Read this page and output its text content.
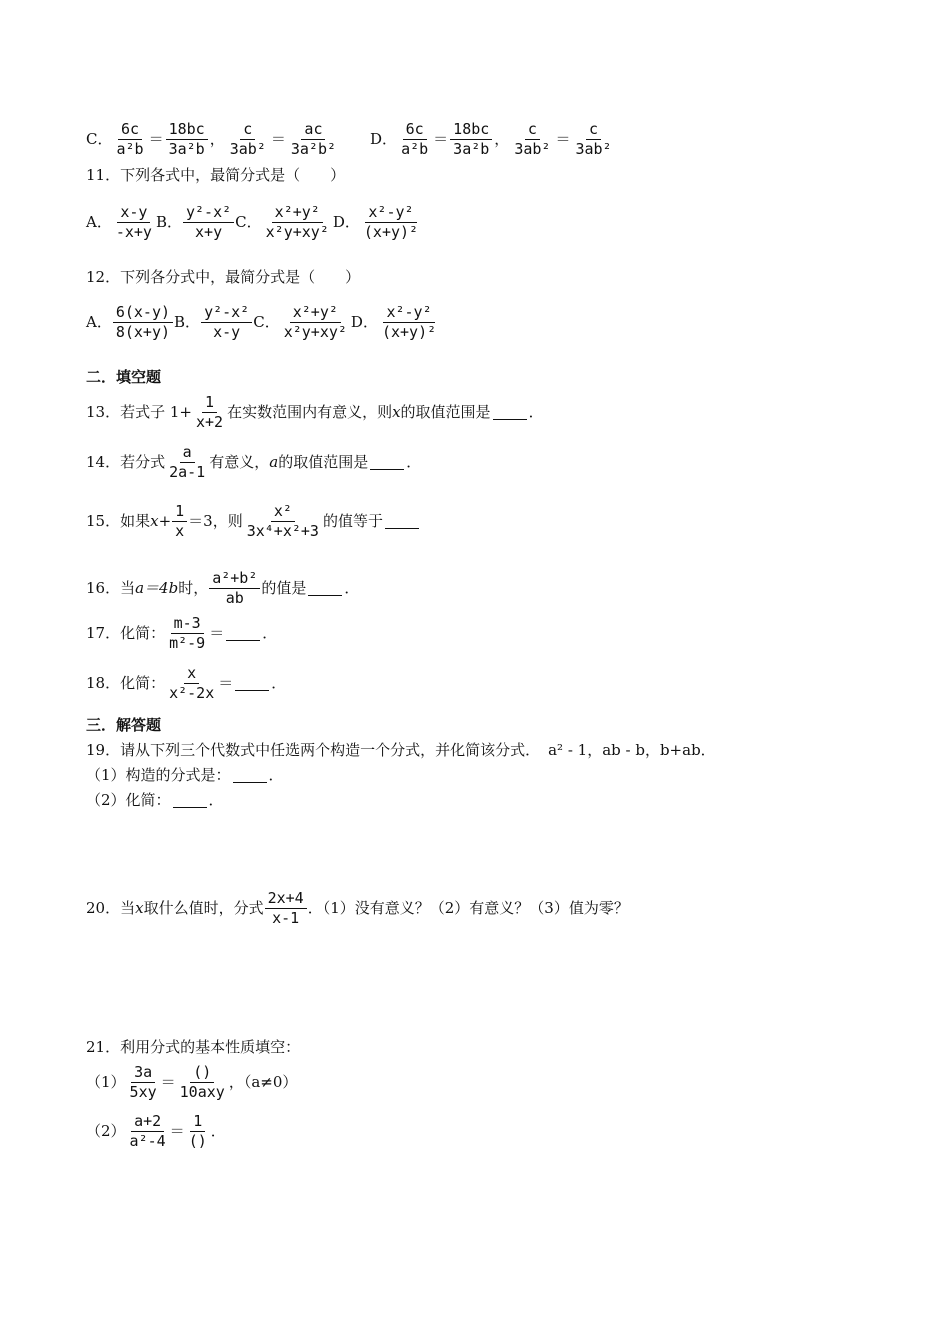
C． $\frac{6c}{\text{a²b}} = \frac{18bc}{\text{3a²b}}$ ， $\frac{c}{\text{3ab²}} = \frac{ac}{\text{3a²b²}}$ D． $\frac{6c}{\text{a²b}} = \frac{18bc}{\text{3a²b}}$ ， $\frac{c}{\text{3ab²}} = \frac{c}{\text{3ab²}}$
11．下列各式中，最简分式是（　　）
A． $\frac{x-y}{-x+y}$ B． $\frac{\text{y²-x²}}{x+y}$ C． $\frac{\text{x²+y²}}{\text{x²y+xy²}}$ D． $\frac{\text{x²-y²}}{\text{(x+y)²}}$
12．下列各分式中，最简分式是（　　）
A． $\frac{6(x-y)}{8(x+y)}$ B． $\frac{\text{y²-x²}}{x-y}$ C． $\frac{\text{x²+y²}}{\text{x²y+xy²}}$ D． $\frac{\text{x²-y²}}{\text{(x+y)²}}$
二．填空题
13．若式子 $1+ \frac{1}{x+2}$ 在实数范围内有意义，则 x 的取值范围是	．
14．若分式 $\frac{a}{2a-1}$ 有意义， a 的取值范围是	．
15．如果 $x + \frac{1}{x} =3$，则 $\frac{\text{x²}}{\text{3x⁴+x²+3}}$ 的值等于
16．当 a＝4b 时， $\frac{\text{a²+b²}}{ab}$ 的值是	．
17．化简： $\frac{m-3}{\text{m²-9}}$ ＝	．
18．化简： $\frac{x}{\text{x²-2x}}$ ＝	．
三．解答题
19．请从下列三个代数式中任选两个构造一个分式，并化简该分式． a² - 1，ab - b，b+ab．
（1）构造的分式是：	．
（2）化简：	．
20．当 x 取什么值时，分式 $\frac{2x+4}{x-1}$ ．（1）没有意义？（2）有意义？（3）值为零？
21．利用分式的基本性质填空：
$(1) \frac{3a}{5xy} = \frac{()}{\text{10axy}}$ ，（a≠0）
$(2) \frac{a+2}{\text{a²-4}} = \frac{1}{()}$ ．
